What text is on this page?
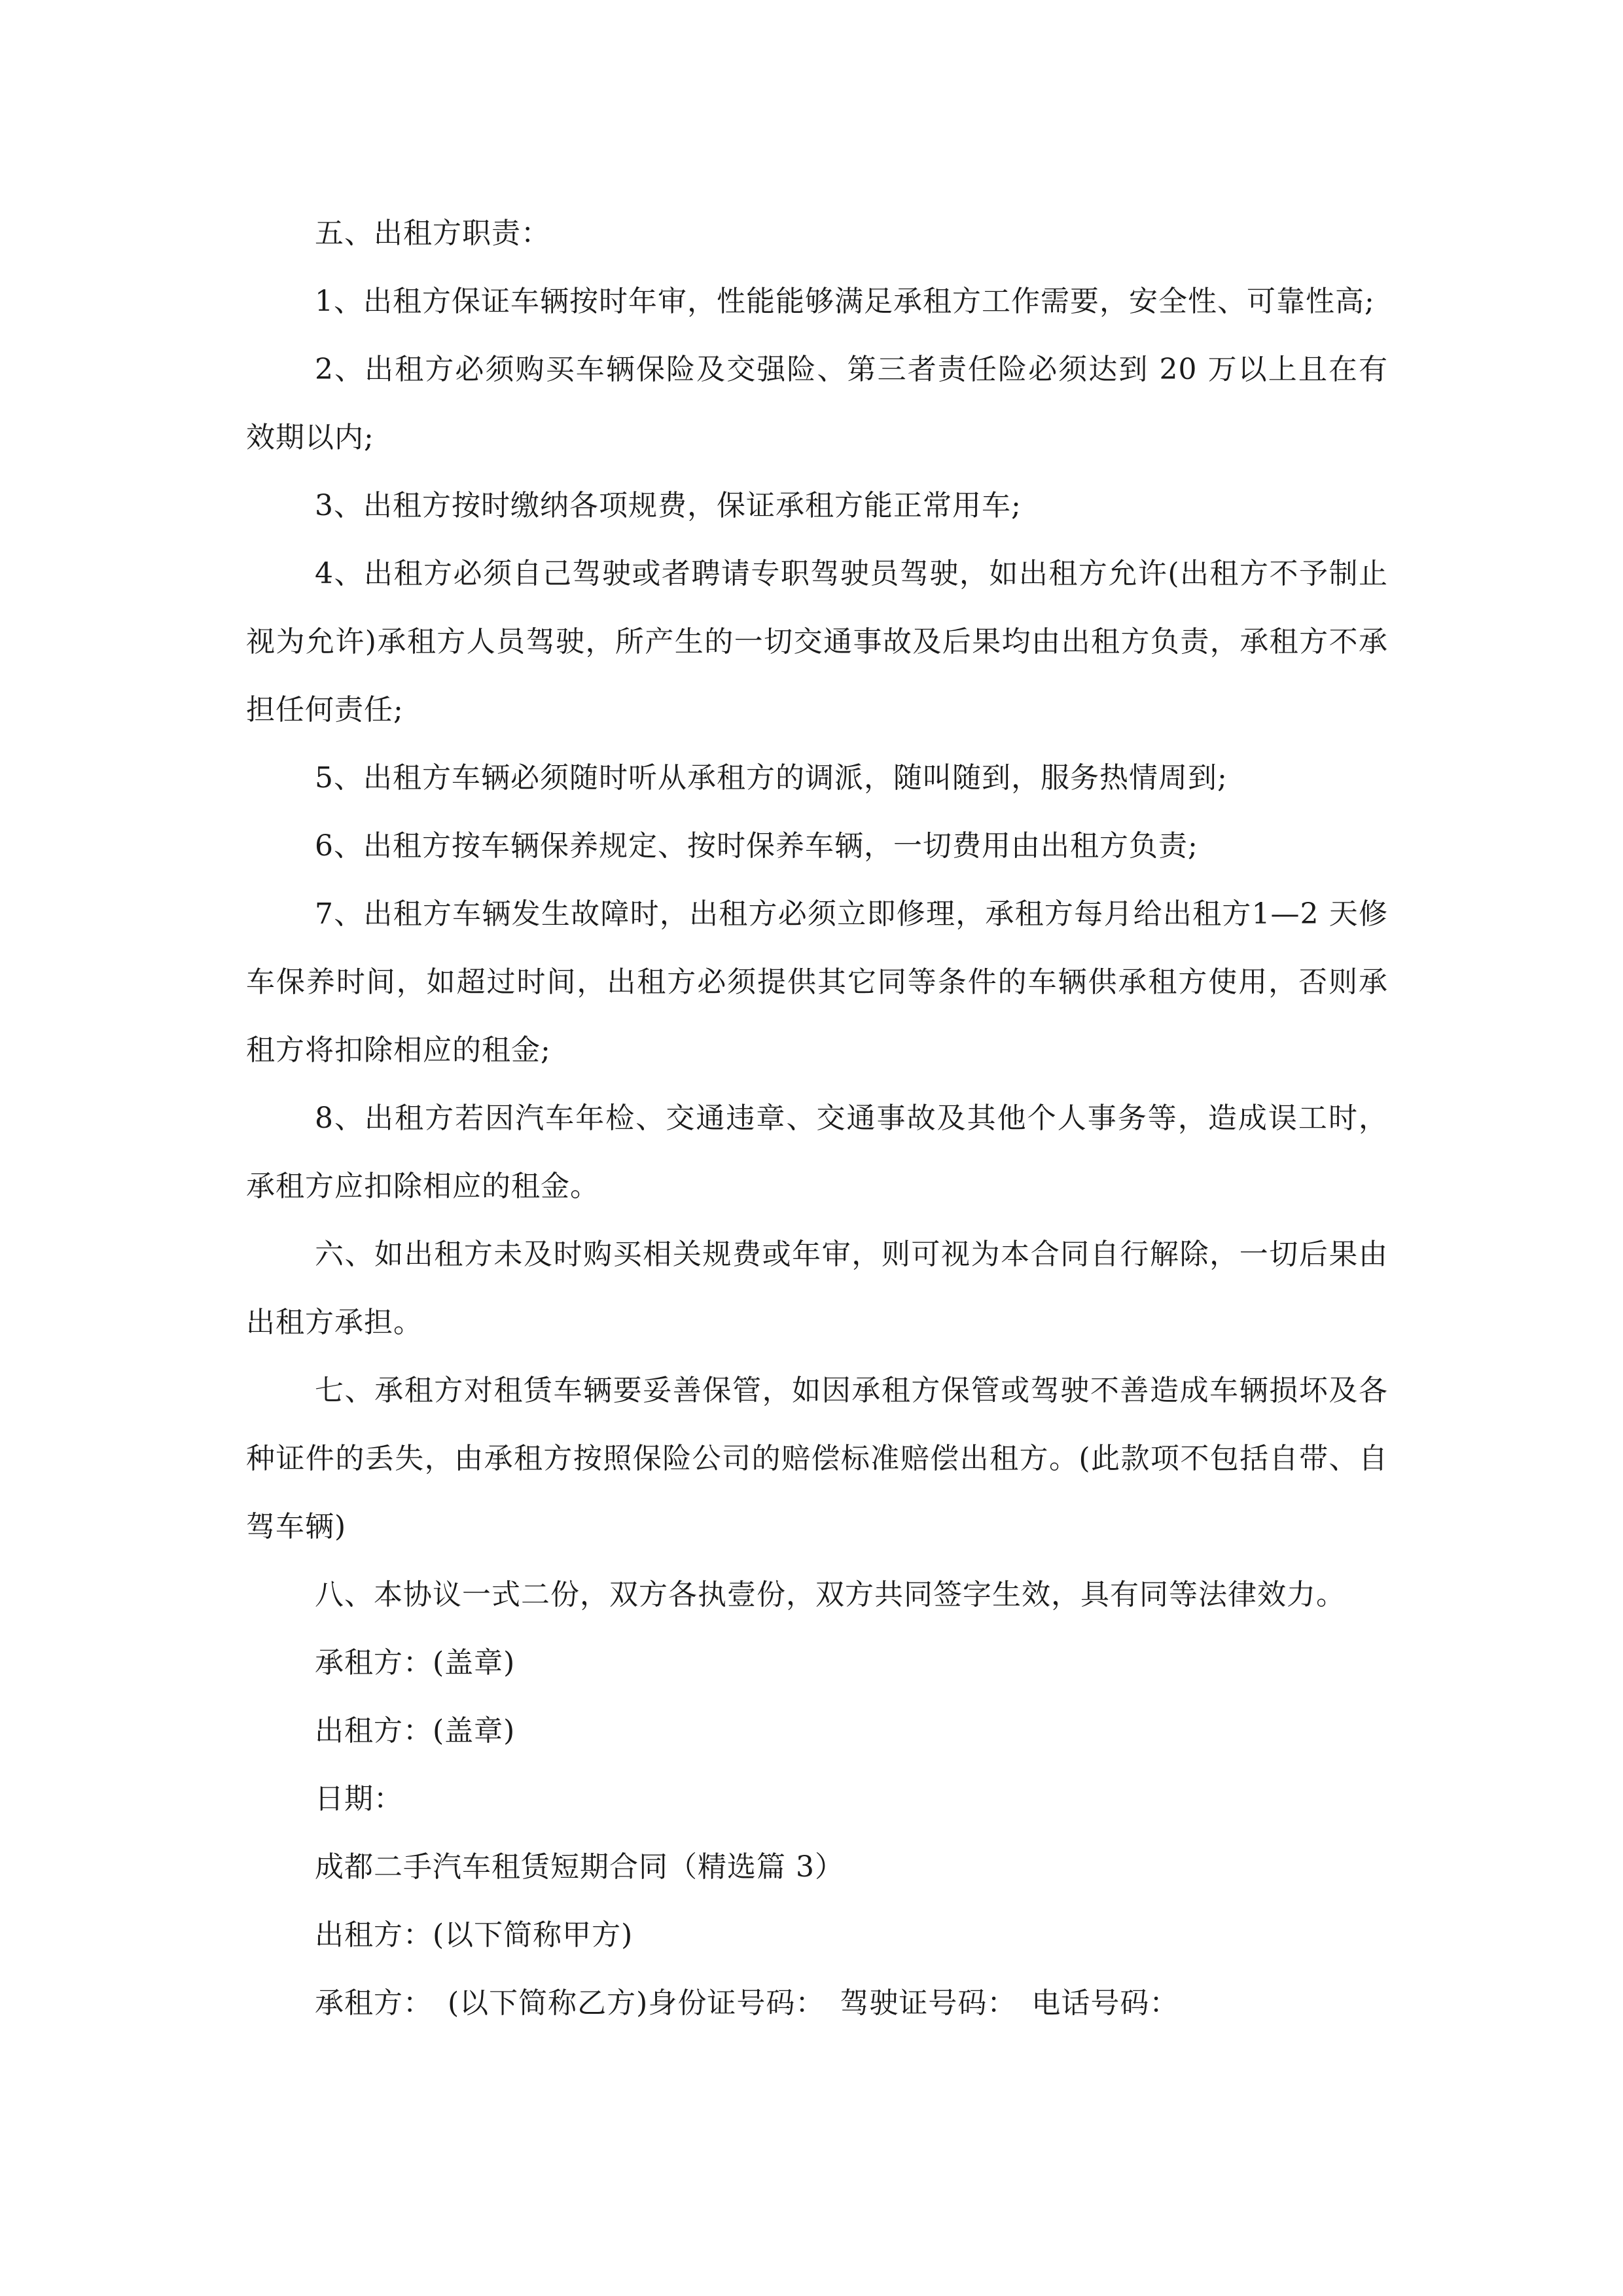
五、出租方职责：

1、出租方保证车辆按时年审，性能能够满足承租方工作需要，安全性、可靠性高;

2、出租方必须购买车辆保险及交强险、第三者责任险必须达到 20 万以上且在有效期以内;

3、出租方按时缴纳各项规费，保证承租方能正常用车;

4、出租方必须自己驾驶或者聘请专职驾驶员驾驶，如出租方允许(出租方不予制止视为允许)承租方人员驾驶，所产生的一切交通事故及后果均由出租方负责，承租方不承担任何责任;

5、出租方车辆必须随时听从承租方的调派，随叫随到，服务热情周到;

6、出租方按车辆保养规定、按时保养车辆，一切费用由出租方负责;

7、出租方车辆发生故障时，出租方必须立即修理，承租方每月给出租方1—2 天修车保养时间，如超过时间，出租方必须提供其它同等条件的车辆供承租方使用，否则承租方将扣除相应的租金;

8、出租方若因汽车年检、交通违章、交通事故及其他个人事务等，造成误工时，承租方应扣除相应的租金。

六、如出租方未及时购买相关规费或年审，则可视为本合同自行解除，一切后果由出租方承担。

七、承租方对租赁车辆要妥善保管，如因承租方保管或驾驶不善造成车辆损坏及各种证件的丢失，由承租方按照保险公司的赔偿标准赔偿出租方。(此款项不包括自带、自驾车辆)

八、本协议一式二份，双方各执壹份，双方共同签字生效，具有同等法律效力。

承租方：(盖章)

出租方：(盖章)

日期：

成都二手汽车租赁短期合同（精选篇 3）

出租方：(以下简称甲方)

承租方：　(以下简称乙方)身份证号码：　驾驶证号码：　电话号码：
